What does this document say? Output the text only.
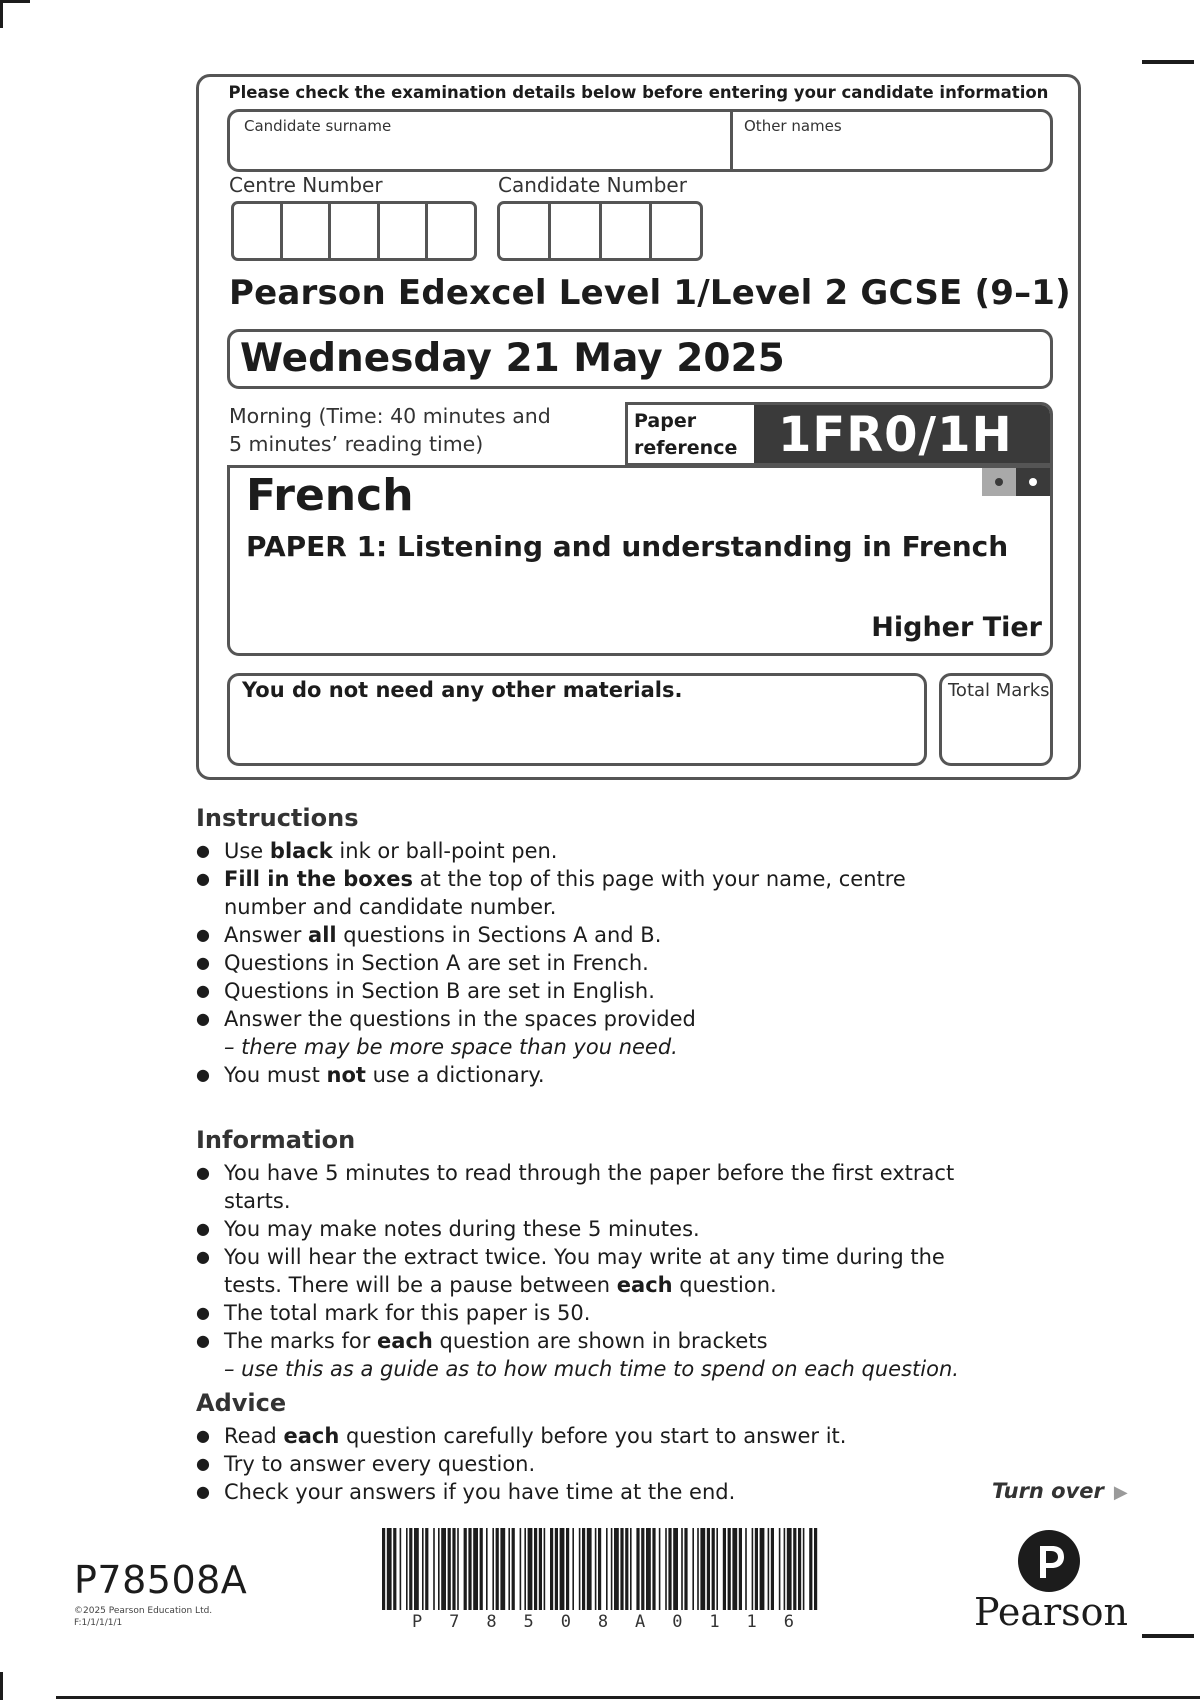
Please check the examination details below before entering your candidate information
Candidate surname	Other names
Centre Number	Candidate Number
Pearson Edexcel Level 1/Level 2 GCSE (9–1)
Wednesday 21 May 2025
Morning (Time: 40 minutes and
5 minutes’ reading time)
Paper
reference 1FR0/1H
French
PAPER 1: Listening and understanding in French
Higher Tier
You do not need any other materials.	Total Marks
Instructions
● Use black ink or ball-point pen.
● Fill in the boxes at the top of this page with your name, centre number and candidate number.
● Answer all questions in Sections A and B.
● Questions in Section A are set in French.
● Questions in Section B are set in English.
● Answer the questions in the spaces provided
– there may be more space than you need.
● You must not use a dictionary.
Information
● You have 5 minutes to read through the paper before the first extract starts.
● You may make notes during these 5 minutes.
● You will hear the extract twice. You may write at any time during the tests. There will be a pause between each question.
● The total mark for this paper is 50.
● The marks for each question are shown in brackets
– use this as a guide as to how much time to spend on each question.
Advice
● Read each question carefully before you start to answer it.
● Try to answer every question.
● Check your answers if you have time at the end.	Turn over ▶
P78508A
©2025 Pearson Education Ltd.
F:1/1/1/1/1	P 7 8 5 0 8 A 0 1 1 6	Pearson
